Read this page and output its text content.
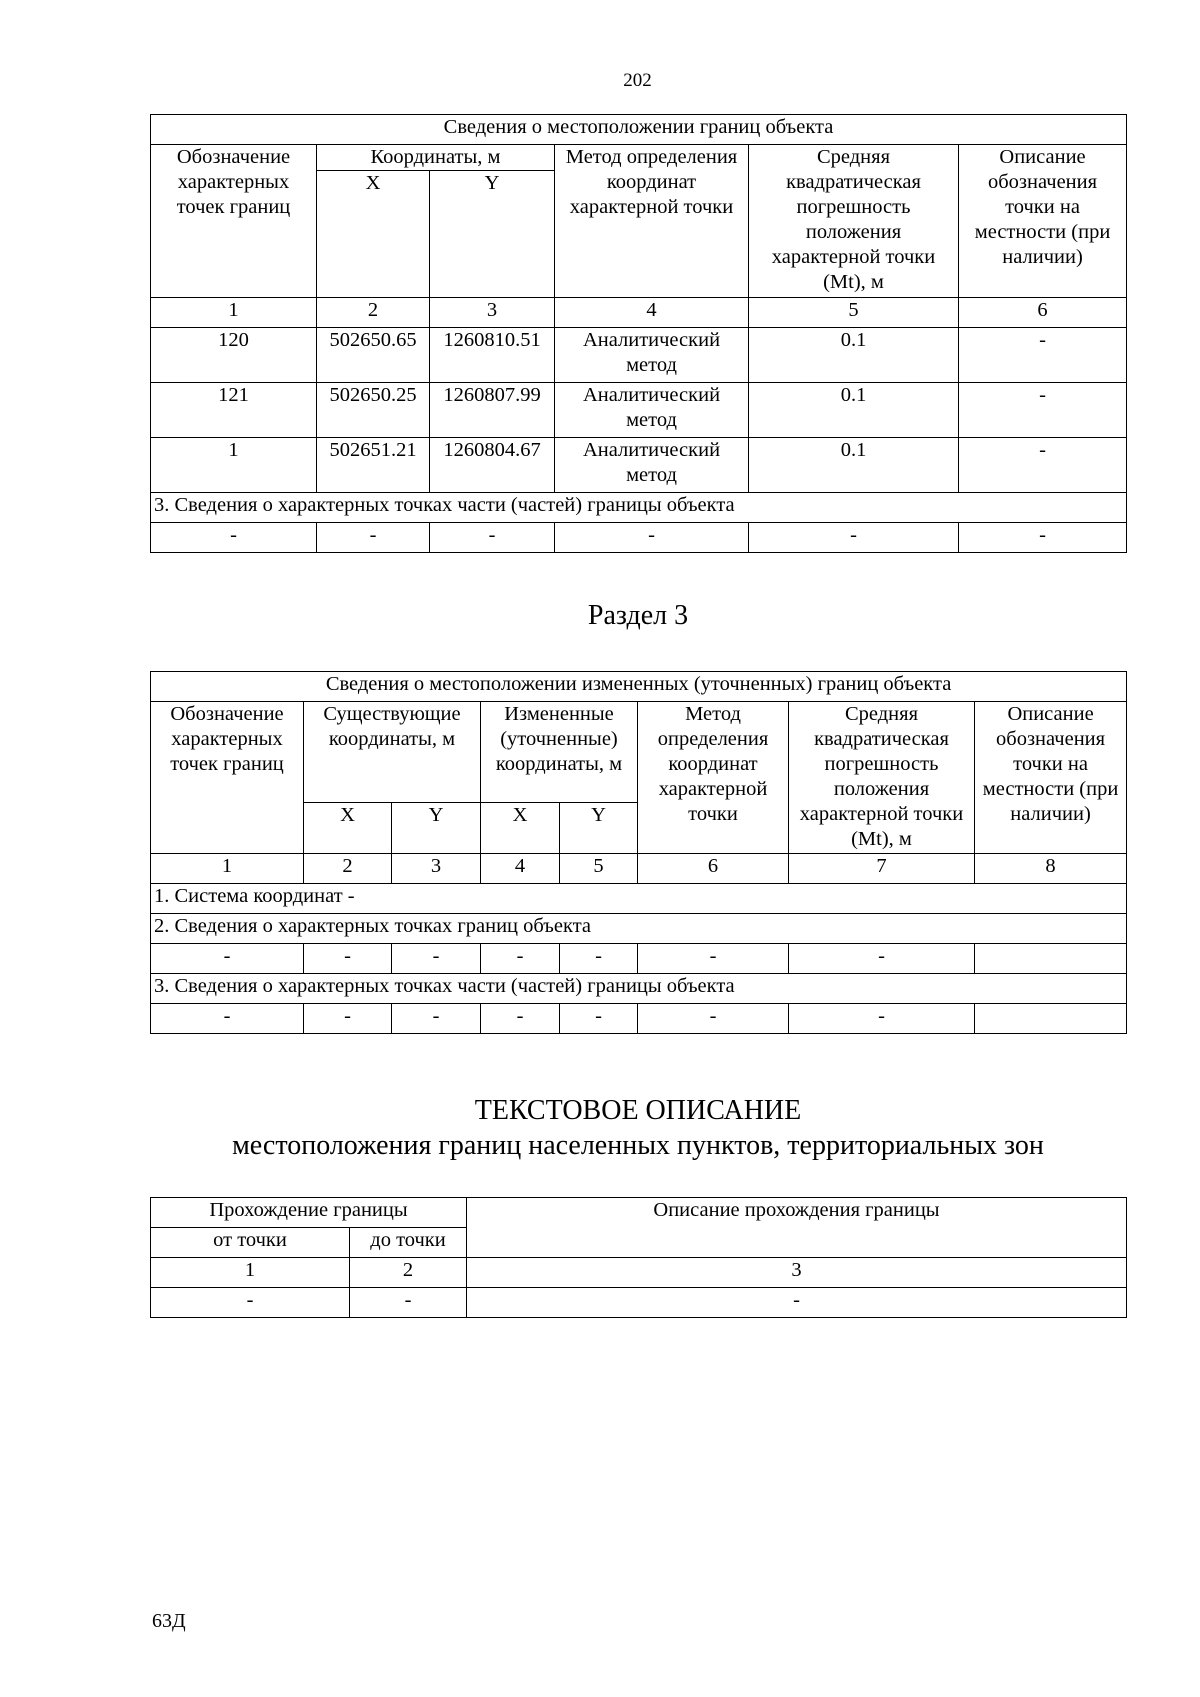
202
Сведения о местоположении границ объекта					
Обозначение характерных точек границ	Координаты, м		Метод определения координат характерной точки	Средняя квадратическая погрешность положения характерной точки (Mt), м	Описание обозначения точки на местности (при наличии)
	X	Y			
1	2	3	4	5	6
120	502650.65	1260810.51	Аналитический метод	0.1	-
121	502650.25	1260807.99	Аналитический метод	0.1	-
1	502651.21	1260804.67	Аналитический метод	0.1	-
3. Сведения о характерных точках части (частей) границы объекта					
-	-	-	-	-	-
Раздел 3
Сведения о местоположении измененных (уточненных) границ объекта							
Обозначение характерных точек границ	Существующие координаты, м		Измененные (уточненные) координаты, м		Метод определения координат характерной точки	Средняя квадратическая погрешность положения характерной точки (Mt), м	Описание обозначения точки на местности (при наличии)
	X	Y	X	Y			
1	2	3	4	5	6	7	8
1. Система координат -							
2. Сведения о характерных точках границ объекта							
-	-	-	-	-	-	-	
3. Сведения о характерных точках части (частей) границы объекта							
-	-	-	-	-	-	-	
ТЕКСТОВОЕ ОПИСАНИЕ
местоположения границ населенных пунктов, территориальных зон
Прохождение границы		Описание прохождения границы
от точки	до точки	
1	2	3
-	-	-
63Д
